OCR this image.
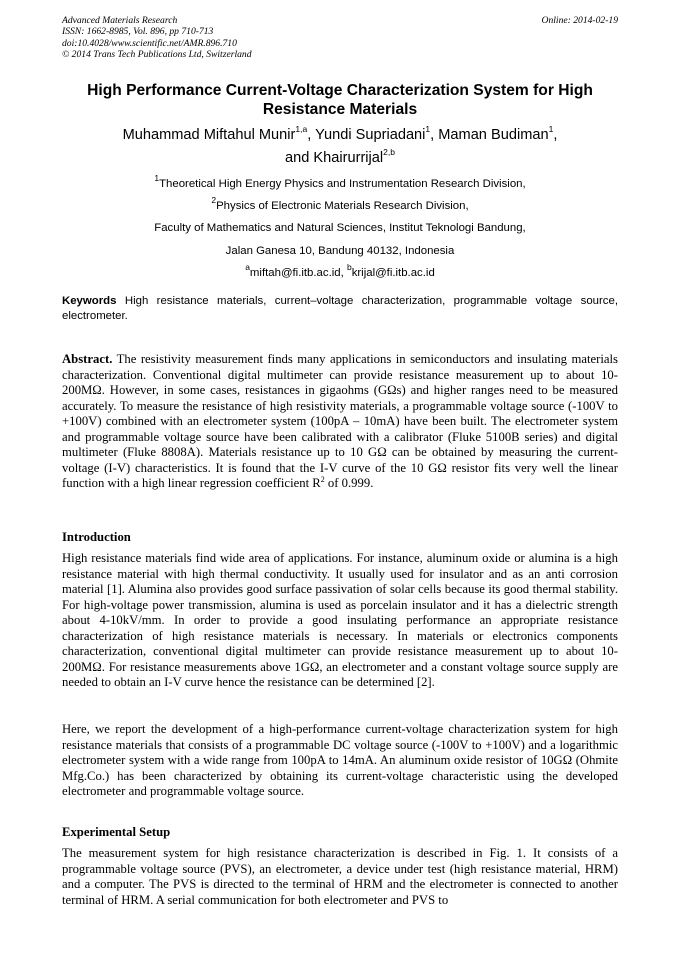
Advanced Materials Research
ISSN: 1662-8985, Vol. 896, pp 710-713
doi:10.4028/www.scientific.net/AMR.896.710
© 2014 Trans Tech Publications Ltd, Switzerland
Online: 2014-02-19
High Performance Current-Voltage Characterization System for High Resistance Materials
Muhammad Miftahul Munir$^{1,a}$, Yundi Supriadani$^1$, Maman Budiman$^1$,
and Khairurrijal$^{2,b}$
$^1$Theoretical High Energy Physics and Instrumentation Research Division,
$^2$Physics of Electronic Materials Research Division,
Faculty of Mathematics and Natural Sciences, Institut Teknologi Bandung,
Jalan Ganesa 10, Bandung 40132, Indonesia
$^a$miftah@fi.itb.ac.id, $^b$krijal@fi.itb.ac.id
Keywords High resistance materials, current–voltage characterization, programmable voltage source, electrometer.

Abstract. The resistivity measurement finds many applications in semiconductors and insulating materials characterization. Conventional digital multimeter can provide resistance measurement up to about 10-200MΩ. However, in some cases, resistances in gigaohms (GΩs) and higher ranges need to be measured accurately. To measure the resistance of high resistivity materials, a programmable voltage source (-100V to +100V) combined with an electrometer system (100pA – 10mA) have been built. The electrometer system and programmable voltage source have been calibrated with a calibrator (Fluke 5100B series) and digital multimeter (Fluke 8808A). Materials resistance up to 10 GΩ can be obtained by measuring the current-voltage (I-V) characteristics. It is found that the I-V curve of the 10 GΩ resistor fits very well the linear function with a high linear regression coefficient $R^2$ of 0.999.

Introduction

High resistance materials find wide area of applications. For instance, aluminum oxide or alumina is a high resistance material with high thermal conductivity. It usually used for insulator and as an anti corrosion material [1]. Alumina also provides good surface passivation of solar cells because its good thermal stability. For high-voltage power transmission, alumina is used as porcelain insulator and it has a dielectric strength about 4-10kV/mm. In order to provide a good insulating performance an appropriate resistance characterization of high resistance materials is necessary. In materials or electronics components characterization, conventional digital multimeter can provide resistance measurement up to about 10-200MΩ. For resistance measurements above 1GΩ, an electrometer and a constant voltage source supply are needed to obtain an I-V curve hence the resistance can be determined [2].

Here, we report the development of a high-performance current-voltage characterization system for high resistance materials that consists of a programmable DC voltage source (-100V to +100V) and a logarithmic electrometer system with a wide range from 100pA to 14mA. An aluminum oxide resistor of 10GΩ (Ohmite Mfg.Co.) has been characterized by obtaining its current-voltage characteristic using the developed electrometer and programmable voltage source.

Experimental Setup

The measurement system for high resistance characterization is described in Fig. 1. It consists of a programmable voltage source (PVS), an electrometer, a device under test (high resistance material, HRM) and a computer. The PVS is directed to the terminal of HRM and the electrometer is connected to another terminal of HRM. A serial communication for both electrometer and PVS to
